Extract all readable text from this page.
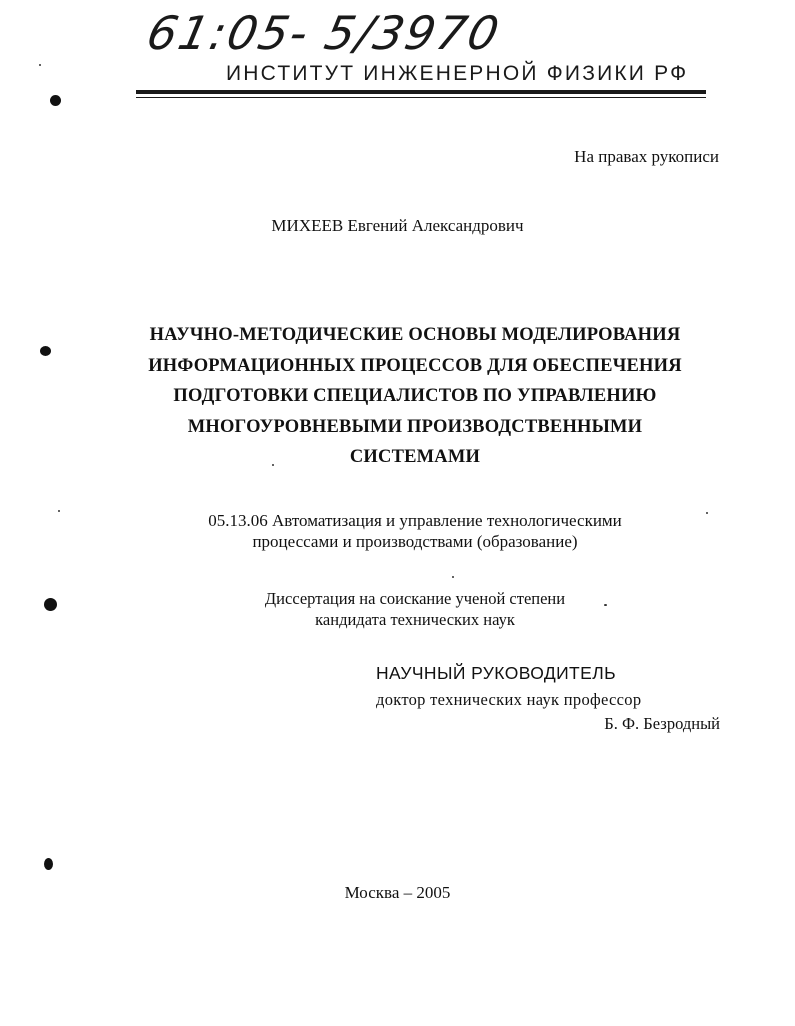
61:05- 5/3970
ИНСТИТУТ ИНЖЕНЕРНОЙ ФИЗИКИ РФ
На правах рукописи
МИХЕЕВ Евгений Александрович
НАУЧНО-МЕТОДИЧЕСКИЕ ОСНОВЫ МОДЕЛИРОВАНИЯ
ИНФОРМАЦИОННЫХ ПРОЦЕССОВ ДЛЯ ОБЕСПЕЧЕНИЯ
ПОДГОТОВКИ СПЕЦИАЛИСТОВ ПО УПРАВЛЕНИЮ
МНОГОУРОВНЕВЫМИ ПРОИЗВОДСТВЕННЫМИ
СИСТЕМАМИ
05.13.06 Автоматизация и управление технологическими
процессами и производствами (образование)
Диссертация на соискание ученой степени
кандидата технических наук
НАУЧНЫЙ РУКОВОДИТЕЛЬ
доктор технических наук профессор
Б. Ф. Безродный
Москва – 2005
